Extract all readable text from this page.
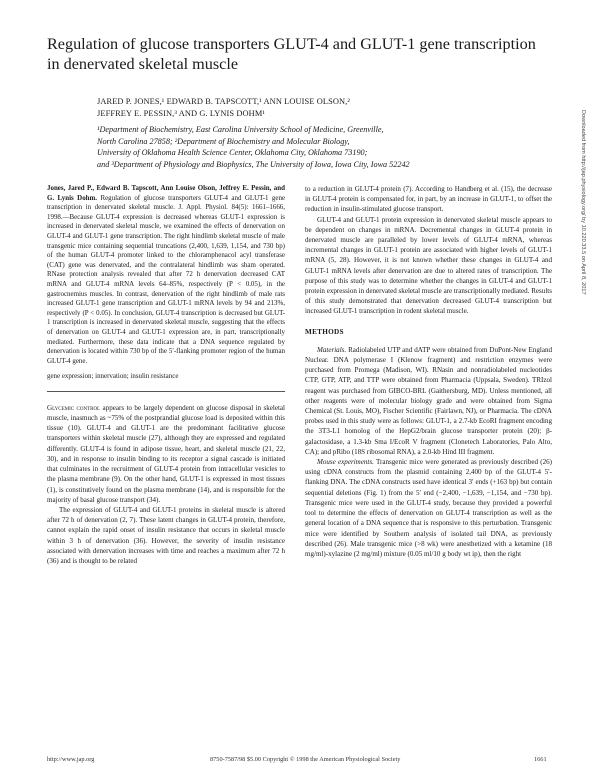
Regulation of glucose transporters GLUT-4 and GLUT-1 gene transcription in denervated skeletal muscle
JARED P. JONES,¹ EDWARD B. TAPSCOTT,¹ ANN LOUISE OLSON,²
JEFFREY E. PESSIN,³ AND G. LYNIS DOHM¹
¹Department of Biochemistry, East Carolina University School of Medicine, Greenville,
North Carolina 27858; ²Department of Biochemistry and Molecular Biology,
University of Oklahoma Health Science Center, Oklahoma City, Oklahoma 73190;
and ³Department of Physiology and Biophysics, The University of Iowa, Iowa City, Iowa 52242
Jones, Jared P., Edward B. Tapscott, Ann Louise Olson, Jeffrey E. Pessin, and G. Lynis Dohm. Regulation of glucose transporters GLUT-4 and GLUT-1 gene transcription in denervated skeletal muscle. J. Appl. Physiol. 84(5): 1661–1666, 1998.—Because GLUT-4 expression is decreased whereas GLUT-1 expression is increased in denervated skeletal muscle, we examined the effects of denervation on GLUT-4 and GLUT-1 gene transcription. The right hindlimb skeletal muscle of male transgenic mice containing sequential truncations (2,400, 1,639, 1,154, and 730 bp) of the human GLUT-4 promoter linked to the chloramphenacol acyl transferase (CAT) gene was denervated, and the contralateral hindlimb was sham operated. RNase protection analysis revealed that after 72 h denervation decreased CAT mRNA and GLUT-4 mRNA levels 64–85%, respectively (P < 0.05), in the gastrocnemius muscles. In contrast, denervation of the right hindlimb of male rats increased GLUT-1 gene transcription and GLUT-1 mRNA levels by 94 and 213%, respectively (P < 0.05). In conclusion, GLUT-4 transcription is decreased but GLUT-1 transcription is increased in denervated skeletal muscle, suggesting that the effects of denervation on GLUT-4 and GLUT-1 expression are, in part, transcriptionally mediated. Furthermore, these data indicate that a DNA sequence regulated by denervation is located within 730 bp of the 5′-flanking promoter region of the human GLUT-4 gene.
gene expression; innervation; insulin resistance

Glycemic control appears to be largely dependent on glucose disposal in skeletal muscle, inasmuch as ~75% of the postprandial glucose load is deposited within this tissue (10). GLUT-4 and GLUT-1 are the predominant facilitative glucose transporters within skeletal muscle (27), although they are expressed and regulated differently. GLUT-4 is found in adipose tissue, heart, and skeletal muscle (21, 22, 30), and in response to insulin binding to its receptor a signal cascade is initiated that culminates in the recruitment of GLUT-4 protein from intracellular vesicles to the plasma membrane (9). On the other hand, GLUT-1 is expressed in most tissues (1), is constitutively found on the plasma membrane (14), and is responsible for the majority of basal glucose transport (34).

The expression of GLUT-4 and GLUT-1 proteins in skeletal muscle is altered after 72 h of denervation (2, 7). These latent changes in GLUT-4 protein, therefore, cannot explain the rapid onset of insulin resistance that occurs in skeletal muscle within 3 h of denervation (36). However, the severity of insulin resistance associated with denervation increases with time and reaches a maximum after 72 h (36) and is thought to be related

to a reduction in GLUT-4 protein (7). According to Handberg et al. (15), the decrease in GLUT-4 protein is compensated for, in part, by an increase in GLUT-1, to offset the reduction in insulin-stimulated glucose transport.

GLUT-4 and GLUT-1 protein expression in denervated skeletal muscle appears to be dependent on changes in mRNA. Decremental changes in GLUT-4 protein in denervated muscle are paralleled by lower levels of GLUT-4 mRNA, whereas incremental changes in GLUT-1 protein are associated with higher levels of GLUT-1 mRNA (5, 28). However, it is not known whether these changes in GLUT-4 and GLUT-1 mRNA levels after denervation are due to altered rates of transcription. The purpose of this study was to determine whether the changes in GLUT-4 and GLUT-1 protein expression in denervated skeletal muscle are transcriptionally mediated. Results of this study demonstrated that denervation decreased GLUT-4 transcription but increased GLUT-1 transcription in rodent skeletal muscle.

METHODS

Materials. Radiolabeled UTP and dATP were obtained from DuPont-New England Nuclear. DNA polymerase I (Klenow fragment) and restriction enzymes were purchased from Promega (Madison, WI). RNasin and nonradiolabeled nucleotides CTP, GTP, ATP, and TTP were obtained from Pharmacia (Uppsala, Sweden). TRIzol reagent was purchased from GIBCO-BRL (Gaithersburg, MD). Unless mentioned, all other reagents were of molecular biology grade and were obtained from Sigma Chemical (St. Louis, MO), Fischer Scientific (Fairlawn, NJ), or Pharmacia. The cDNA probes used in this study were as follows: GLUT-1, a 2.7-kb EcoRI fragment encoding the 3T3-L1 homolog of the HepG2/brain glucose transporter protein (20); β-galactosidase, a 1.3-kb Sma I/EcoR V fragment (Clonetech Laboratories, Palo Alto, CA); and pRibo (18S ribosomal RNA), a 2.0-kb Hind III fragment.

Mouse experiments. Transgenic mice were generated as previously described (26) using cDNA constructs from the plasmid containing 2,400 bp of the GLUT-4 5′-flanking DNA. The cDNA constructs used have identical 3′ ends (+163 bp) but contain sequential deletions (Fig. 1) from the 5′ end (−2,400, −1,639, −1,154, and −730 bp). Transgenic mice were used in the GLUT-4 study, because they provided a powerful tool to determine the effects of denervation on GLUT-4 transcription as well as the general location of a DNA sequence that is responsive to this perturbation. Transgenic mice were identified by Southern analysis of isolated tail DNA, as previously described (26). Male transgenic mice (>8 wk) were anesthetized with a ketamine (18 mg/ml)-xylazine (2 mg/ml) mixture (0.05 ml/10 g body wt ip), then the right

http://www.jap.org	8750-7587/98 $5.00 Copyright © 1998 the American Physiological Society	1661
Downloaded from http://jap.physiology.org/ by 10.220.33.5 on April 8, 2017
